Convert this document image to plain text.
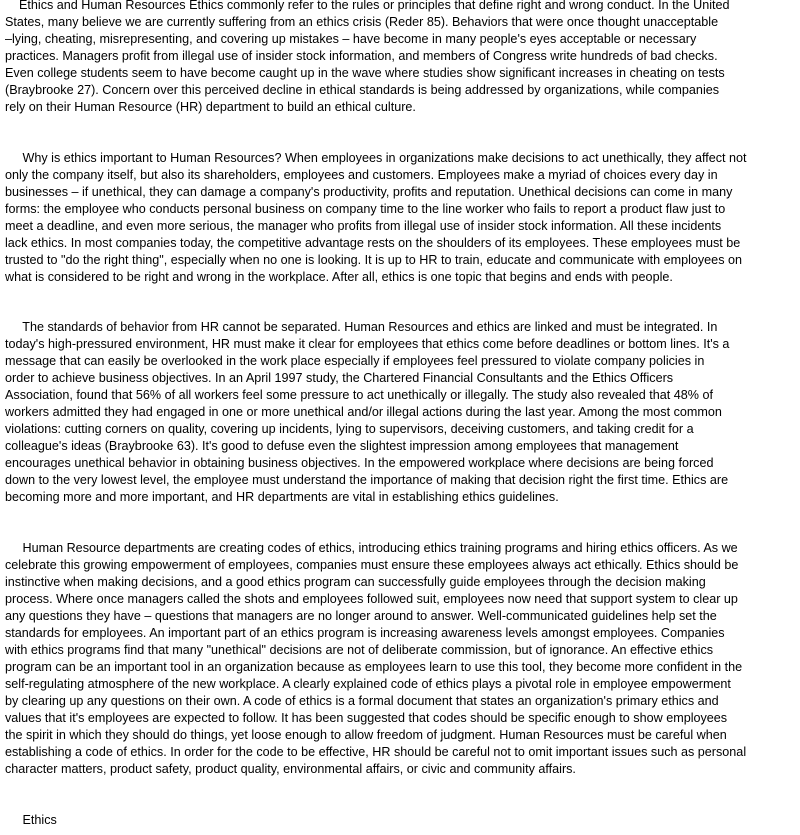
Ethics and Human Resources Ethics commonly refer to the rules or principles that define right and wrong conduct. In the United
States, many believe we are currently suffering from an ethics crisis (Reder 85). Behaviors that were once thought unacceptable
–lying, cheating, misrepresenting, and covering up mistakes – have become in many people's eyes acceptable or necessary
practices. Managers profit from illegal use of insider stock information, and members of Congress write hundreds of bad checks.
Even college students seem to have become caught up in the wave where studies show significant increases in cheating on tests
(Braybrooke 27). Concern over this perceived decline in ethical standards is being addressed by organizations, while companies
rely on their Human Resource (HR) department to build an ethical culture.
Why is ethics important to Human Resources? When employees in organizations make decisions to act unethically, they affect not
only the company itself, but also its shareholders, employees and customers. Employees make a myriad of choices every day in
businesses – if unethical, they can damage a company's productivity, profits and reputation. Unethical decisions can come in many
forms: the employee who conducts personal business on company time to the line worker who fails to report a product flaw just to
meet a deadline, and even more serious, the manager who profits from illegal use of insider stock information. All these incidents
lack ethics. In most companies today, the competitive advantage rests on the shoulders of its employees. These employees must be
trusted to "do the right thing", especially when no one is looking. It is up to HR to train, educate and communicate with employees on
what is considered to be right and wrong in the workplace. After all, ethics is one topic that begins and ends with people.
The standards of behavior from HR cannot be separated. Human Resources and ethics are linked and must be integrated. In
today's high-pressured environment, HR must make it clear for employees that ethics come before deadlines or bottom lines. It's a
message that can easily be overlooked in the work place especially if employees feel pressured to violate company policies in
order to achieve business objectives. In an April 1997 study, the Chartered Financial Consultants and the Ethics Officers
Association, found that 56% of all workers feel some pressure to act unethically or illegally. The study also revealed that 48% of
workers admitted they had engaged in one or more unethical and/or illegal actions during the last year. Among the most common
violations: cutting corners on quality, covering up incidents, lying to supervisors, deceiving customers, and taking credit for a
colleague's ideas (Braybrooke 63). It's good to defuse even the slightest impression among employees that management
encourages unethical behavior in obtaining business objectives. In the empowered workplace where decisions are being forced
down to the very lowest level, the employee must understand the importance of making that decision right the first time. Ethics are
becoming more and more important, and HR departments are vital in establishing ethics guidelines.
Human Resource departments are creating codes of ethics, introducing ethics training programs and hiring ethics officers. As we
celebrate this growing empowerment of employees, companies must ensure these employees always act ethically. Ethics should be
instinctive when making decisions, and a good ethics program can successfully guide employees through the decision making
process. Where once managers called the shots and employees followed suit, employees now need that support system to clear up
any questions they have – questions that managers are no longer around to answer. Well-communicated guidelines help set the
standards for employees. An important part of an ethics program is increasing awareness levels amongst employees. Companies
with ethics programs find that many "unethical" decisions are not of deliberate commission, but of ignorance. An effective ethics
program can be an important tool in an organization because as employees learn to use this tool, they become more confident in the
self-regulating atmosphere of the new workplace. A clearly explained code of ethics plays a pivotal role in employee empowerment
by clearing up any questions on their own. A code of ethics is a formal document that states an organization's primary ethics and
values that it's employees are expected to follow. It has been suggested that codes should be specific enough to show employees
the spirit in which they should do things, yet loose enough to allow freedom of judgment. Human Resources must be careful when
establishing a code of ethics. In order for the code to be effective, HR should be careful not to omit important issues such as personal
character matters, product safety, product quality, environmental affairs, or civic and community affairs.
Ethics
